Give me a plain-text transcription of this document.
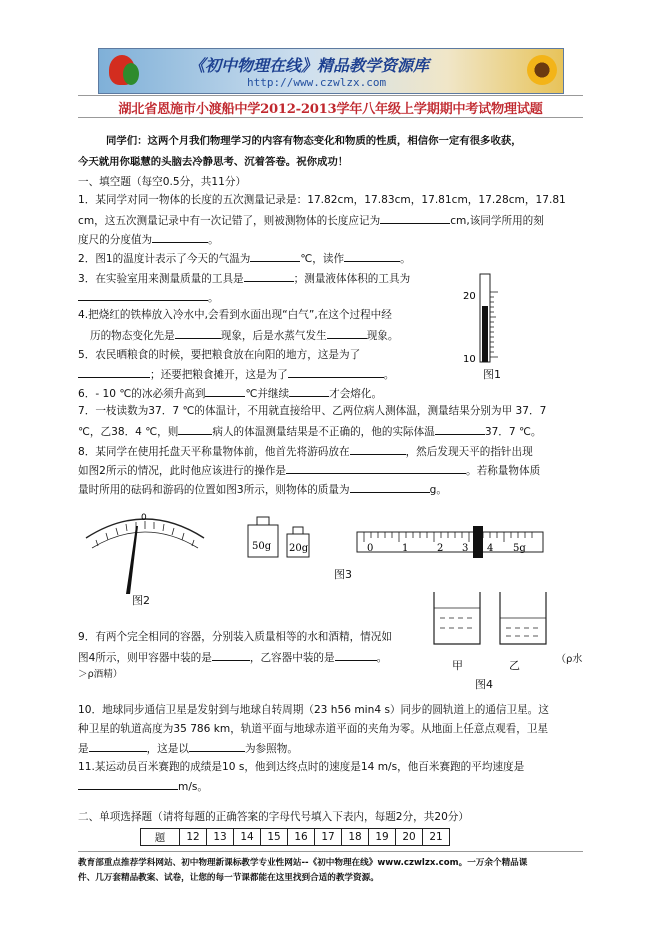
《初中物理在线》精品教学资源库
http://www.czwlzx.com
湖北省恩施市小渡船中学2012-2013学年八年级上学期期中考试物理试题
同学们：这两个月我们物理学习的内容有物态变化和物质的性质，相信你一定有很多收获，
今天就用你聪慧的头脑去冷静思考、沉着答卷。祝你成功！
一、填空题（每空0.5分，共11分）
1．某同学对同一物体的长度的五次测量记录是：17.82cm，17.83cm，17.81cm，17.28cm，17.81
cm，这五次测量记录中有一次记错了，则被测物体的长度应记为	cm,该同学所用的刻
度尺的分度值为	。
2．图1的温度计表示了今天的气温为	℃，读作	。
3．在实验室用来测量质量的工具是	；测量液体体积的工具为
。
4.把烧红的铁棒放入冷水中,会看到水面出现“白气”,在这个过程中经
历的物态变化先是	现象，后是水蒸气发生	现象。
5．农民晒粮食的时候，要把粮食放在向阳的地方，这是为了
；还要把粮食摊开，这是为了	。
6．- 10 ℃的冰必须升高到	℃并继续	才会熔化。
7．一枝读数为37．7 ℃的体温计，不用就直接给甲、乙两位病人测体温，测量结果分别为甲 37．7
℃，乙38．4 ℃，则	病人的体温测量结果是不正确的，他的实际体温	37．7 ℃。
8．某同学在使用托盘天平称量物体前，他首先将游码放在	，然后发现天平的指针出现
如图2所示的情况，此时他应该进行的操作是	。若称量物体质
量时所用的砝码和游码的位置如图3所示，则物体的质量为	g。
20
10
图1
0
图2
50g 20g	0	1	2 3 4 5g
图3
9．有两个完全相同的容器，分别装入质量相等的水和酒精，情况如
图4所示，则甲容器中装的是	，乙容器中装的是	。	（ρ水
＞ρ酒精）
甲	乙
图4
10．地球同步通信卫星是发射到与地球自转周期（23 h56 min4 s）同步的圆轨道上的通信卫星。这
种卫星的轨道高度为35 786 km，轨道平面与地球赤道平面的夹角为零。从地面上任意点观看，卫星
是	，这是以	为参照物。
11.某运动员百米赛跑的成绩是10 s，他到达终点时的速度是14 m/s，他百米赛跑的平均速度是
m/s。
二、单项选择题（请将每题的正确答案的字母代号填入下表内，每题2分，共20分）
题	12	13	14	15	16	17	18	19	20	21
教育部重点推荐学科网站、初中物理新课标教学专业性网站--《初中物理在线》www.czwlzx.com。一万余个精品课
件、几万套精品教案、试卷，让您的每一节课都能在这里找到合适的教学资源。
